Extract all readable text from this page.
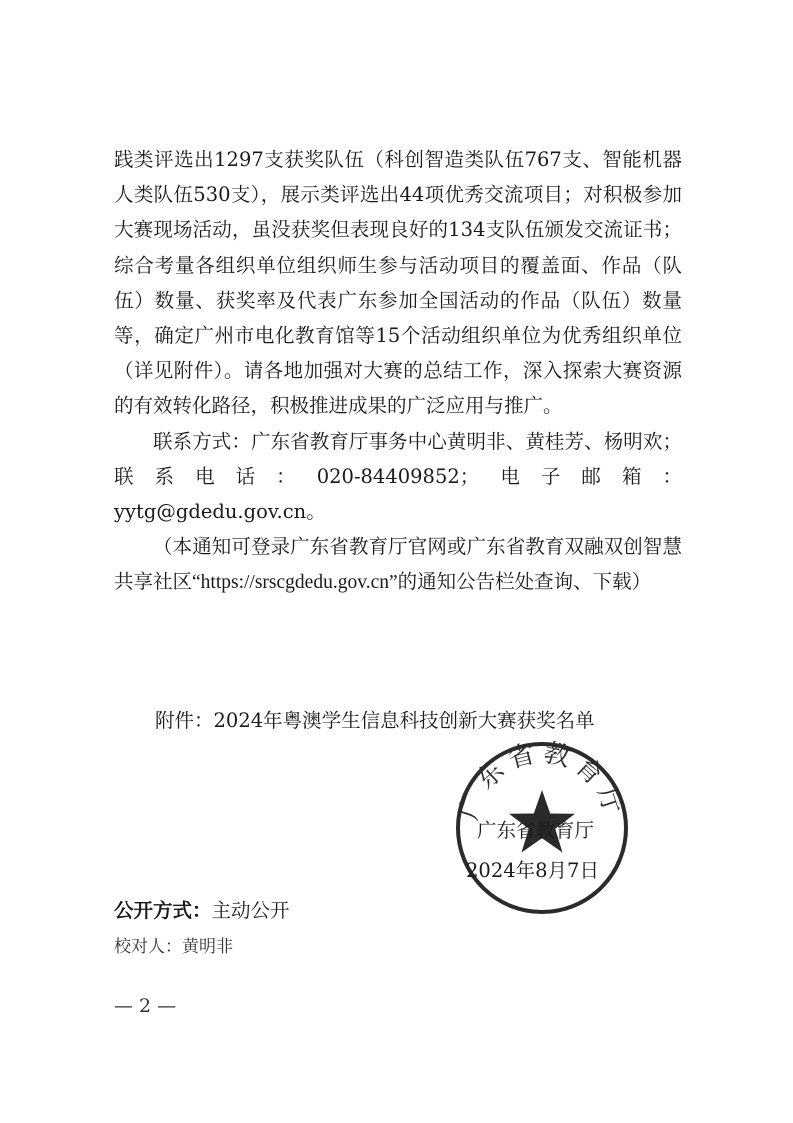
践类评选出1297支获奖队伍（科创智造类队伍767支、智能机器人类队伍530支），展示类评选出44项优秀交流项目；对积极参加大赛现场活动，虽没获奖但表现良好的134支队伍颁发交流证书；综合考量各组织单位组织师生参与活动项目的覆盖面、作品（队伍）数量、获奖率及代表广东参加全国活动的作品（队伍）数量等，确定广州市电化教育馆等15个活动组织单位为优秀组织单位（详见附件）。请各地加强对大赛的总结工作，深入探索大赛资源的有效转化路径，积极推进成果的广泛应用与推广。

联系方式：广东省教育厅事务中心黄明非、黄桂芳、杨明欢；联系电话：020-84409852；电子邮箱：yytg@gdedu.gov.cn。

（本通知可登录广东省教育厅官网或广东省教育双融双创智慧共享社区“https://srscgdedu.gov.cn”的通知公告栏处查询、下载）

附件：2024年粤澳学生信息科技创新大赛获奖名单
广东省教育厅
广东省教育厅
2024年8月7日
公开方式：主动公开
校对人：黄明非
— 2 —
